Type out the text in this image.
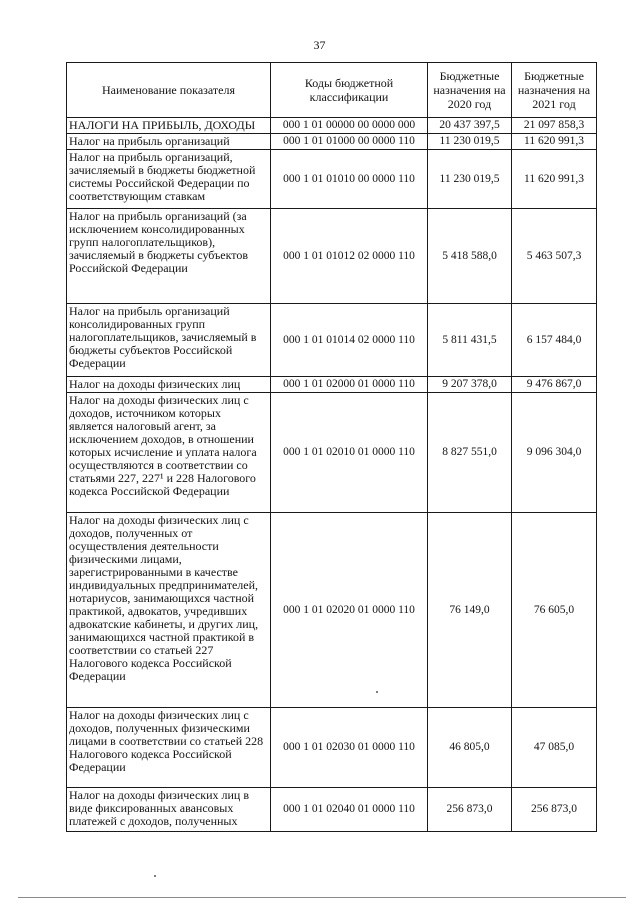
37
Наименование показателя	Коды бюджетной классификации	Бюджетные назначения на 2020 год	Бюджетные назначения на 2021 год
НАЛОГИ НА ПРИБЫЛЬ, ДОХОДЫ	000 1 01 00000 00 0000 000	20 437 397,5	21 097 858,3
Налог на прибыль организаций	000 1 01 01000 00 0000 110	11 230 019,5	11 620 991,3
Налог на прибыль организаций, зачисляемый в бюджеты бюджетной системы Российской Федерации по соответствующим ставкам	000 1 01 01010 00 0000 110	11 230 019,5	11 620 991,3
Налог на прибыль организаций (за исключением консолидированных групп налогоплательщиков), зачисляемый в бюджеты субъектов Российской Федерации	000 1 01 01012 02 0000 110	5 418 588,0	5 463 507,3
Налог на прибыль организаций консолидированных групп налогоплательщиков, зачисляемый в бюджеты субъектов Российской Федерации	000 1 01 01014 02 0000 110	5 811 431,5	6 157 484,0
Налог на доходы физических лиц	000 1 01 02000 01 0000 110	9 207 378,0	9 476 867,0
Налог на доходы физических лиц с доходов, источником которых является налоговый агент, за исключением доходов, в отношении которых исчисление и уплата налога осуществляются в соответствии со статьями 227, 227¹ и 228 Налогового кодекса Российской Федерации	000 1 01 02010 01 0000 110	8 827 551,0	9 096 304,0
Налог на доходы физических лиц с доходов, полученных от осуществления деятельности физическими лицами, зарегистрированными в качестве индивидуальных предпринимателей, нотариусов, занимающихся частной практикой, адвокатов, учредивших адвокатские кабинеты, и других лиц, занимающихся частной практикой в соответствии со статьей 227 Налогового кодекса Российской Федерации	000 1 01 02020 01 0000 110	76 149,0	76 605,0
Налог на доходы физических лиц с доходов, полученных физическими лицами в соответствии со статьей 228 Налогового кодекса Российской Федерации	000 1 01 02030 01 0000 110	46 805,0	47 085,0
Налог на доходы физических лиц в виде фиксированных авансовых платежей с доходов, полученных	000 1 01 02040 01 0000 110	256 873,0	256 873,0
